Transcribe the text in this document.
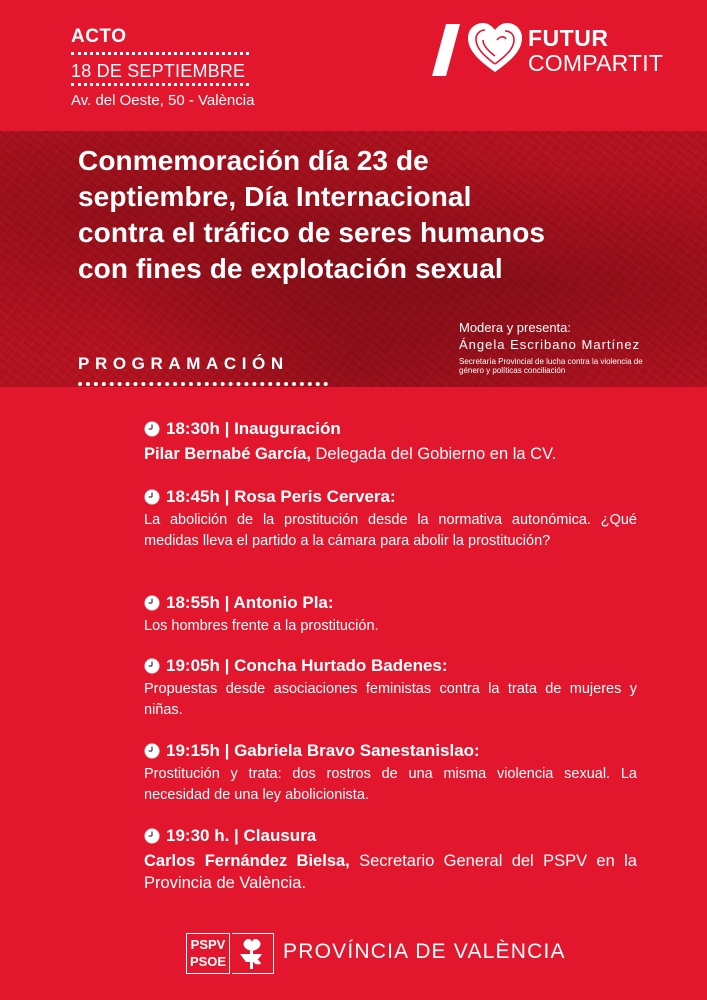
ACTO
18 DE SEPTIEMBRE
Av. del Oeste, 50 - València
FUTUR
COMPARTIT
Conmemoración día 23 de septiembre, Día Internacional contra el tráfico de seres humanos con fines de explotación sexual
Modera y presenta:
Ángela Escribano Martínez
Secretaría Provincial de lucha contra la violencia de género y políticas conciliación
PROGRAMACIÓN
18:30h | Inauguración
Pilar Bernabé García, Delegada del Gobierno en la CV.
18:45h | Rosa Peris Cervera:
La abolición de la prostitución desde la normativa autonómica. ¿Qué medidas lleva el partido a la cámara para abolir la prostitución?
18:55h | Antonio Pla:
Los hombres frente a la prostitución.
19:05h | Concha Hurtado Badenes:
Propuestas desde asociaciones feministas contra la trata de mujeres y niñas.
19:15h | Gabriela Bravo Sanestanislao:
Prostitución y trata: dos rostros de una misma violencia sexual. La necesidad de una ley abolicionista.
19:30 h. | Clausura
Carlos Fernández Bielsa, Secretario General del PSPV en la Provincia de València.
PSPV
PSOE	PROVÍNCIA DE VALÈNCIA
